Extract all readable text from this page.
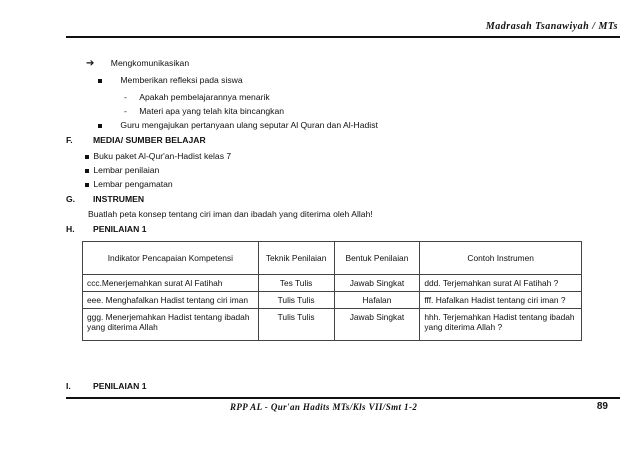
Madrasah Tsanawiyah / MTs
➔ Mengkomunikasikan
Memberikan refleksi pada siswa
- Apakah pembelajarannya menarik
- Materi apa yang telah kita bincangkan
Guru mengajukan pertanyaan ulang seputar Al Quran dan Al-Hadist
F. MEDIA/ SUMBER BELAJAR
Buku paket Al-Qur'an-Hadist kelas 7
Lembar penilaian
Lembar pengamatan
G. INSTRUMEN
Buatlah peta konsep tentang ciri iman dan ibadah yang diterima oleh Allah!
H. PENILAIAN 1
Indikator Pencapaian Kompetensi	Teknik Penilaian	Bentuk Penilaian	Contoh Instrumen
ccc.Menerjemahkan surat Al Fatihah	Tes Tulis	Jawab Singkat	ddd. Terjemahkan surat Al Fatihah ?
eee. Menghafalkan Hadist tentang ciri iman	Tulis Tulis	Hafalan	fff. Hafalkan Hadist tentang ciri iman ?
ggg. Menerjemahkan Hadist tentang ibadah yang diterima Allah	Tulis Tulis	Jawab Singkat	hhh. Terjemahkan Hadist tentang ibadah yang diterima Allah ?
I.	PENILAIAN 1
RPP AL - Qur'an Hadits MTs/Kls VII/Smt 1-2	89
